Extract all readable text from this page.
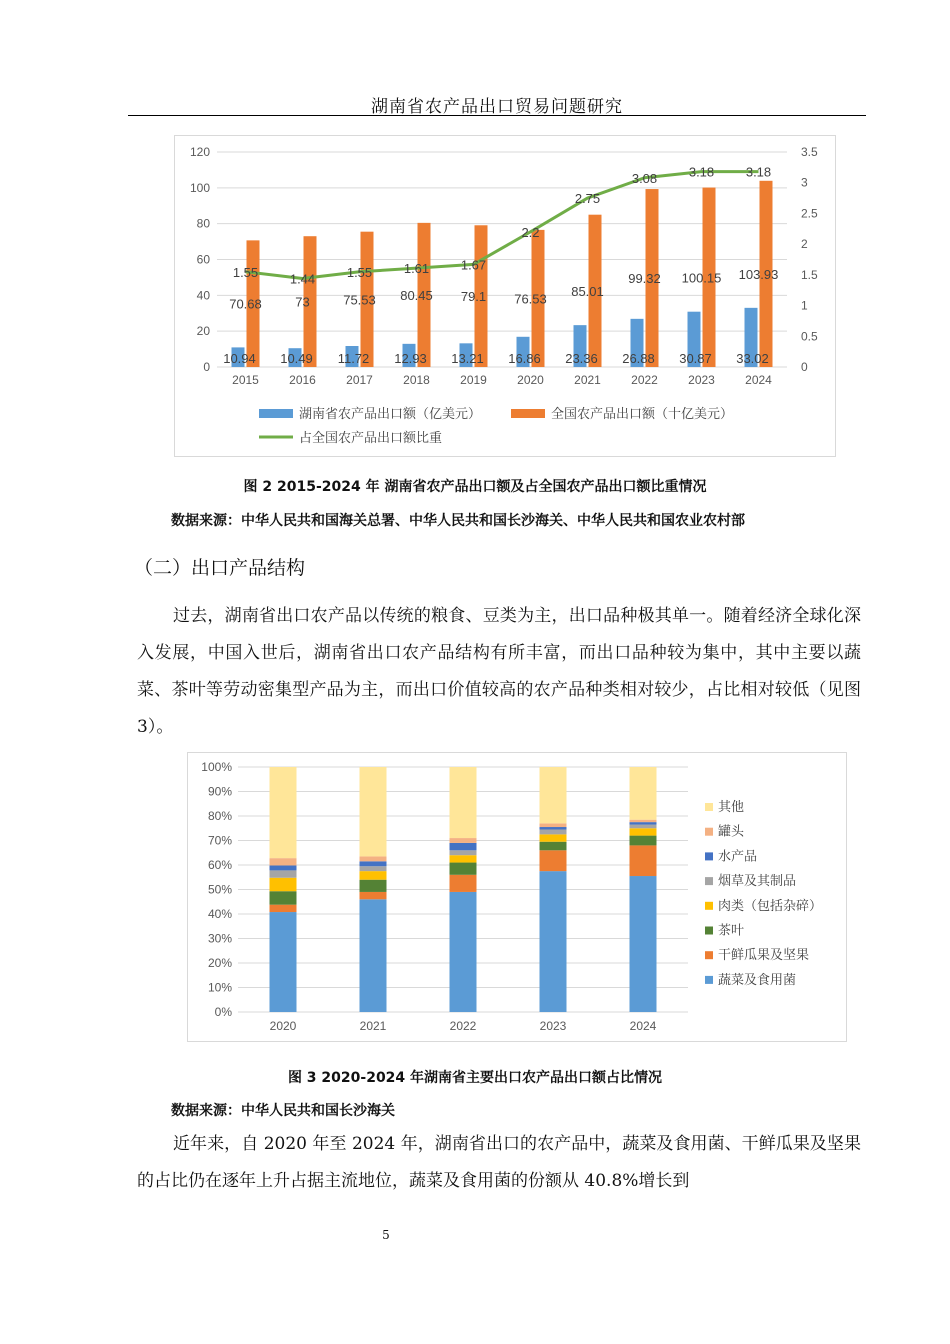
湖南省农产品出口贸易问题研究
0
20
40
60
80
100
120
0
0.5
1
1.5
2
2.5
3
3.5
2015	2016	2017	2018	2019	2020	2021	2022	2023	2024
10.94
70.68
1.55
10.49
73
1.44
11.72
75.53
1.55
12.93
80.45
1.61
13.21
79.1
1.67
16.86
76.53
2.2
23.36
85.01
2.75
26.88
99.32
3.08
30.87
100.15
3.18
33.02
103.93
3.18
湖南省农产品出口额（亿美元）	全国农产品出口额（十亿美元）
占全国农产品出口额比重
图 2 2015-2024 年 湖南省农产品出口额及占全国农产品出口额比重情况
数据来源：中华人民共和国海关总署、中华人民共和国长沙海关、中华人民共和国农业农村部
（二）出口产品结构

过去，湖南省出口农产品以传统的粮食、豆类为主，出口品种极其单一。随着经济全球化深入发展，中国入世后，湖南省出口农产品结构有所丰富，而出口品种较为集中，其中主要以蔬菜、茶叶等劳动密集型产品为主，而出口价值较高的农产品种类相对较少，占比相对较低（见图 3）。

0%
10%
20%
30%
40%
50%
60%
70%
80%
90%
100%
2020	2021	2022	2023	2024
其他
罐头
水产品
烟草及其制品
肉类（包括杂碎）
茶叶
干鲜瓜果及坚果
蔬菜及食用菌
图 3 2020-2024 年湖南省主要出口农产品出口额占比情况
数据来源：中华人民共和国长沙海关

近年来，自 2020 年至 2024 年，湖南省出口的农产品中，蔬菜及食用菌、干鲜瓜果及坚果的占比仍在逐年上升占据主流地位，蔬菜及食用菌的份额从 40.8%增长到

5
